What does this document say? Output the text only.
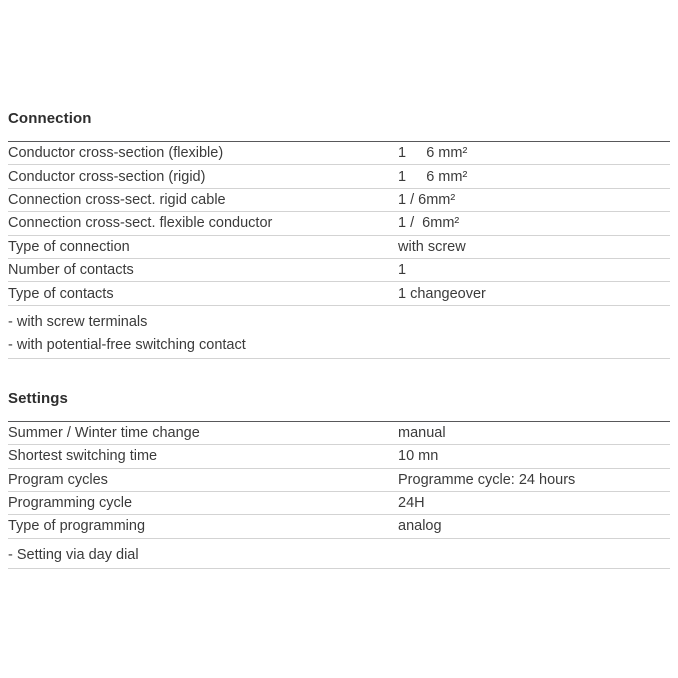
Connection
Conductor cross-section (flexible)	1     6 mm²
Conductor cross-section (rigid)	1     6 mm²
Connection cross-sect. rigid cable	1 / 6mm²
Connection cross-sect. flexible conductor	1 /  6mm²
Type of connection	with screw
Number of contacts	1
Type of contacts	1 changeover
- with screw terminals
- with potential-free switching contact
Settings
Summer / Winter time change	manual
Shortest switching time	10 mn
Program cycles	Programme cycle: 24 hours
Programming cycle	24H
Type of programming	analog
- Setting via day dial
